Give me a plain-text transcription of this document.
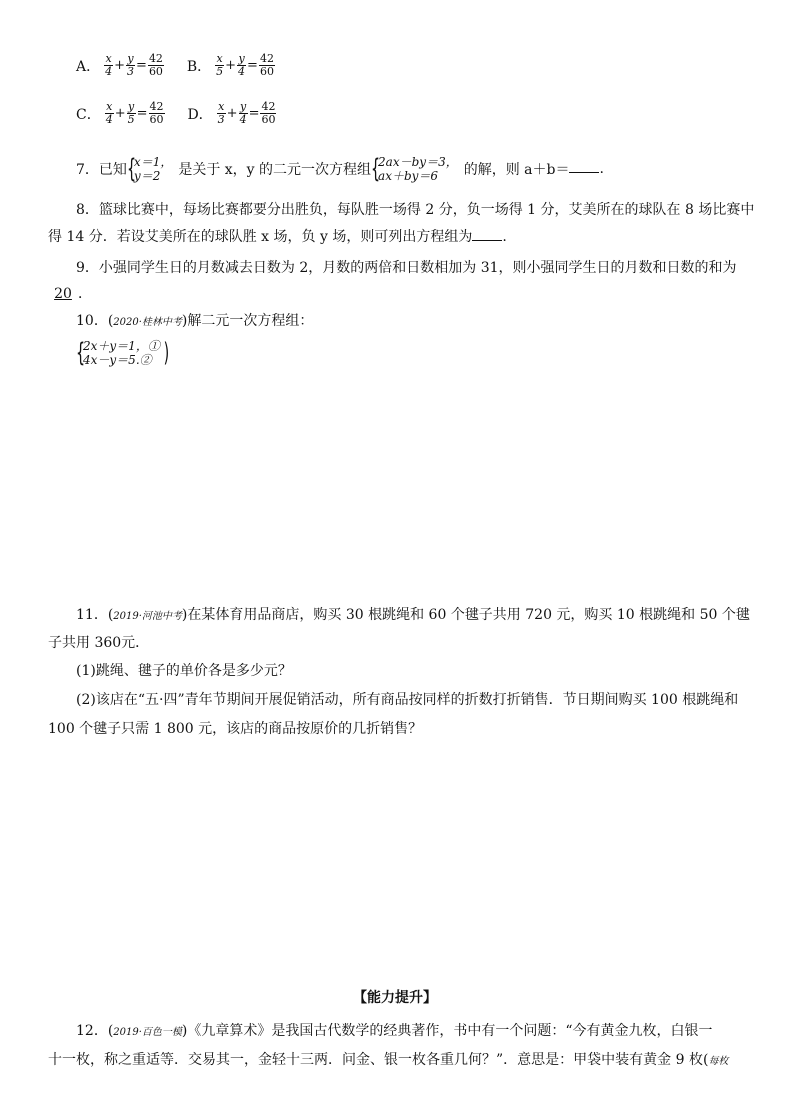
A． $\frac{x}{4} + \frac{y}{3} = \frac{42}{60}$ B． $\frac{x}{5} + \frac{y}{4} = \frac{42}{60}$
C． $\frac{x}{4} + \frac{y}{5} = \frac{42}{60}$ D． $\frac{x}{3} + \frac{y}{4} = \frac{42}{60}$
7．已知 {
x＝1，
y＝2	是关于 x，y 的二元一次方程组 {
2ax－by＝3，
ax＋by＝6	的解，则 a＋b＝ .
8．篮球比赛中，每场比赛都要分出胜负，每队胜一场得 2 分，负一场得 1 分，艾美所在的球队在 8 场比赛中
得 14 分．若设艾美所在的球队胜 x 场，负 y 场，则可列出方程组为 .
9．小强同学生日的月数减去日数为 2，月数的两倍和日数相加为 31，则小强同学生日的月数和日数的和为
20 ．
10．(2020·桂林中考)解二元一次方程组：
{
2x＋y＝1，①
4x－y＝5.② )
11．(2019·河池中考)在某体育用品商店，购买 30 根跳绳和 60 个毽子共用 720 元，购买 10 根跳绳和 50 个毽
子共用 360元．
(1)跳绳、毽子的单价各是多少元？
(2)该店在“五·四”青年节期间开展促销活动，所有商品按同样的折数打折销售．节日期间购买 100 根跳绳和
100 个毽子只需 1 800 元，该店的商品按原价的几折销售？
【能力提升】
12．(2019·百色一模)《九章算术》是我国古代数学的经典著作，书中有一个问题：“今有黄金九枚，白银一
十一枚，称之重适等．交易其一，金轻十三两．问金、银一枚各重几何？”．意思是：甲袋中装有黄金 9 枚(每枚
